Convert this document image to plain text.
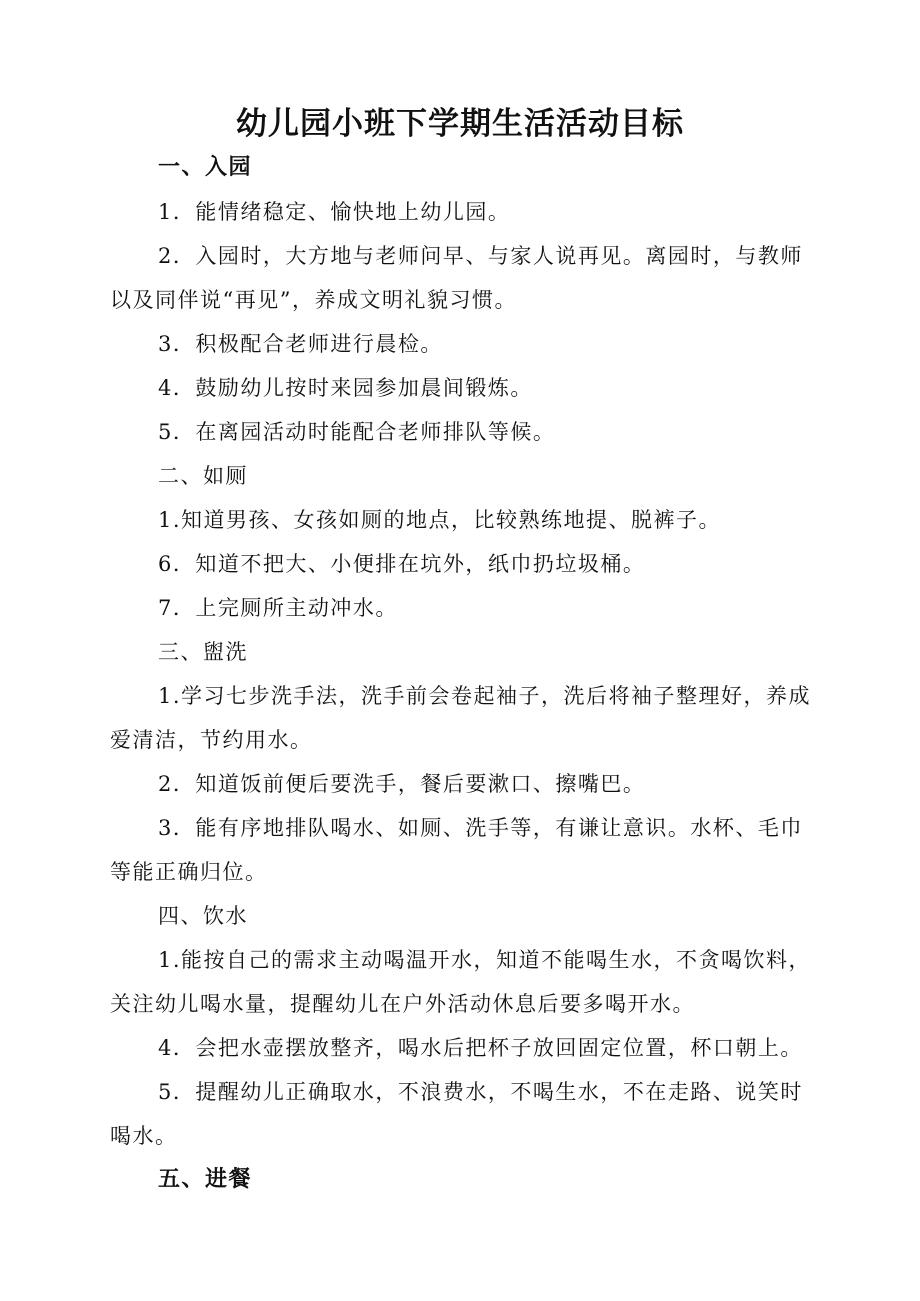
幼儿园小班下学期生活活动目标

一、入园

1．能情绪稳定、愉快地上幼儿园。

2．入园时，大方地与老师问早、与家人说再见。离园时，与教师

以及同伴说“再见”，养成文明礼貌习惯。

3．积极配合老师进行晨检。

4．鼓励幼儿按时来园参加晨间锻炼。

5．在离园活动时能配合老师排队等候。

二、如厕

1.知道男孩、女孩如厕的地点，比较熟练地提、脱裤子。

6．知道不把大、小便排在坑外，纸巾扔垃圾桶。

7．上完厕所主动冲水。

三、盥洗

1.学习七步洗手法，洗手前会卷起袖子，洗后将袖子整理好，养成

爱清洁，节约用水。

2．知道饭前便后要洗手，餐后要漱口、擦嘴巴。

3．能有序地排队喝水、如厕、洗手等，有谦让意识。水杯、毛巾

等能正确归位。

四、饮水

1.能按自己的需求主动喝温开水，知道不能喝生水，不贪喝饮料，

关注幼儿喝水量，提醒幼儿在户外活动休息后要多喝开水。

4．会把水壶摆放整齐，喝水后把杯子放回固定位置，杯口朝上。

5．提醒幼儿正确取水，不浪费水，不喝生水，不在走路、说笑时

喝水。

五、进餐
